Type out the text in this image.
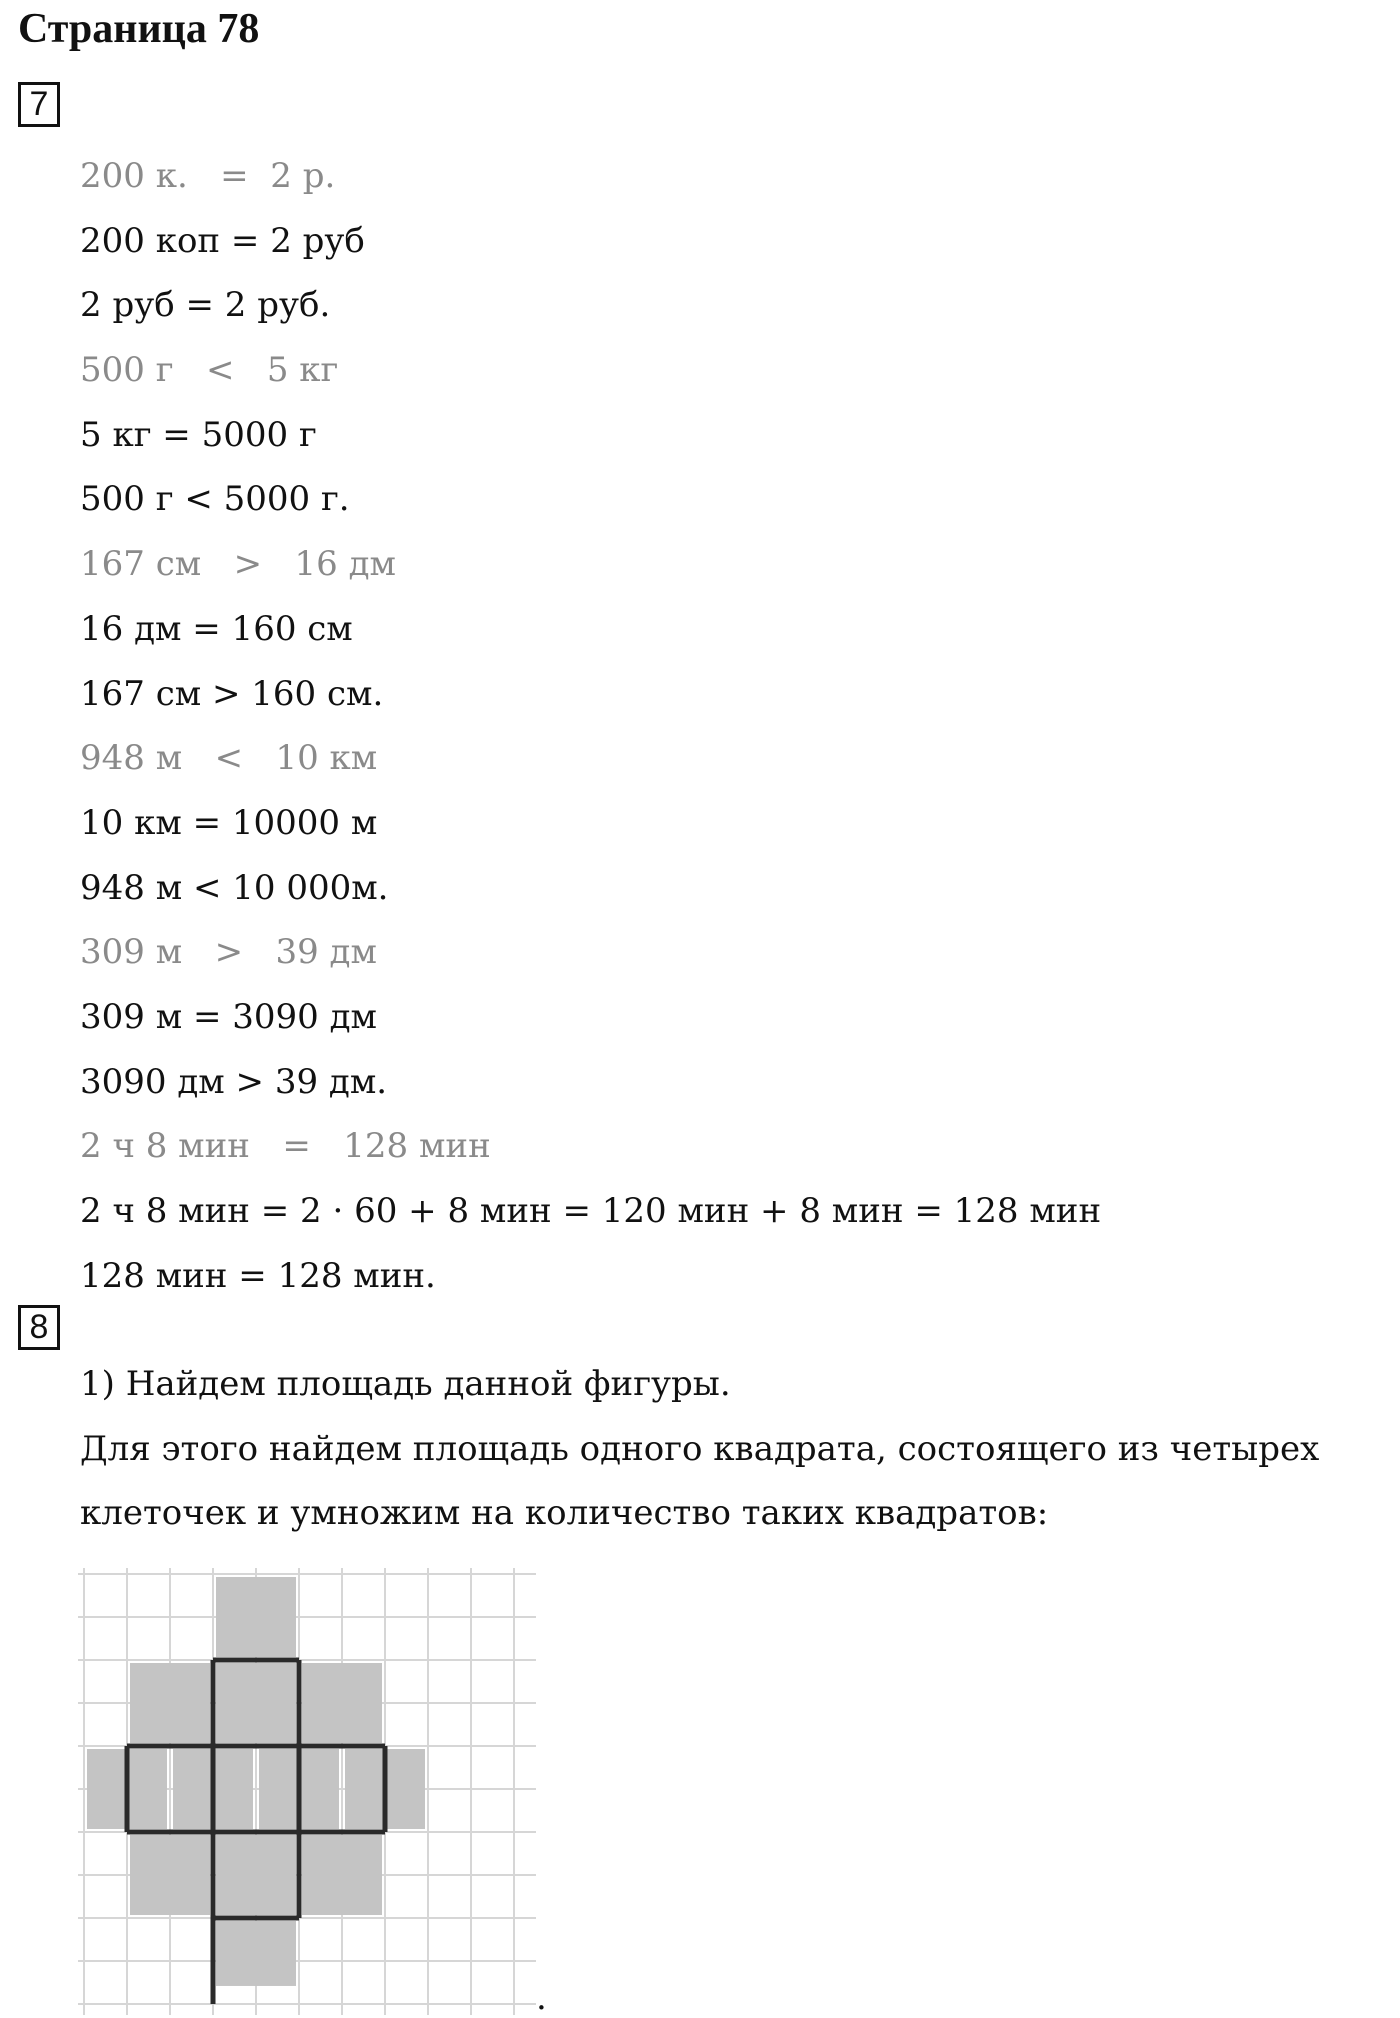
Страница 78
7
200 к.   =  2 р.
200 коп = 2 руб
2 руб = 2 руб.
500 г   <   5 кг
5 кг = 5000 г
500 г < 5000 г.
167 см   >   16 дм
16 дм = 160 см
167 см > 160 см.
948 м   <   10 км
10 км = 10000 м
948 м < 10 000м.
309 м   >   39 дм
309 м = 3090 дм
3090 дм > 39 дм.
2 ч 8 мин   =   128 мин
2 ч 8 мин = 2 · 60 + 8 мин = 120 мин + 8 мин = 128 мин
128 мин = 128 мин.
8
1) Найдем площадь данной фигуры.
Для этого найдем площадь одного квадрата, состоящего из четырех
клеточек и умножим на количество таких квадратов:
.
